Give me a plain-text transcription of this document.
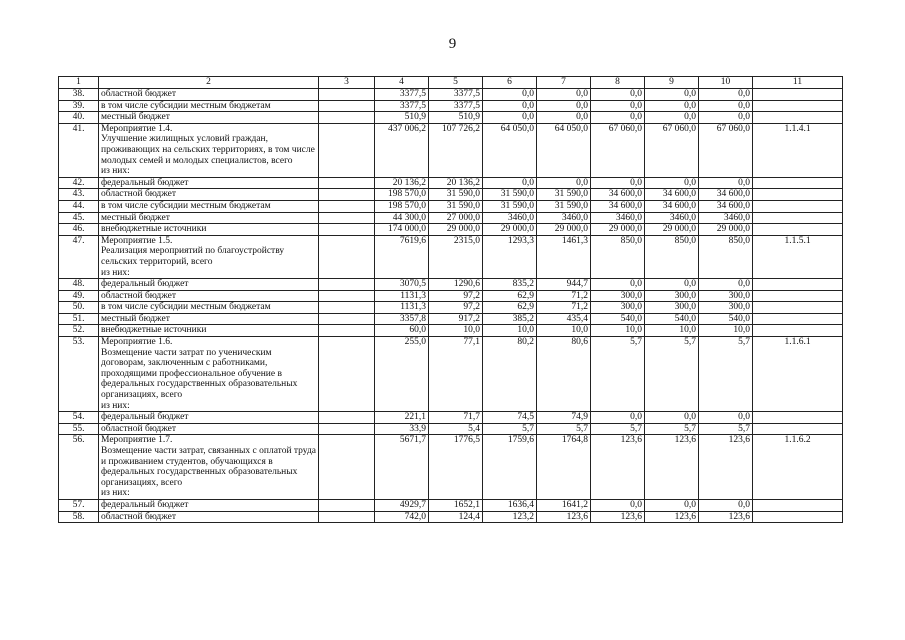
9
1	2	3	4	5	6	7	8	9	10	11
38.	областной бюджет		3377,5	3377,5	0,0	0,0	0,0	0,0	0,0	
39.	в том числе субсидии местным бюджетам		3377,5	3377,5	0,0	0,0	0,0	0,0	0,0	
40.	местный бюджет		510,9	510,9	0,0	0,0	0,0	0,0	0,0	
41.	Мероприятие 1.4.
Улучшение жилищных условий граждан, проживающих на сельских территориях, в том числе молодых семей и молодых специалистов, всего
из них:		437 006,2	107 726,2	64 050,0	64 050,0	67 060,0	67 060,0	67 060,0	1.1.4.1
42.	федеральный бюджет		20 136,2	20 136,2	0,0	0,0	0,0	0,0	0,0	
43.	областной бюджет		198 570,0	31 590,0	31 590,0	31 590,0	34 600,0	34 600,0	34 600,0	
44.	в том числе субсидии местным бюджетам		198 570,0	31 590,0	31 590,0	31 590,0	34 600,0	34 600,0	34 600,0	
45.	местный бюджет		44 300,0	27 000,0	3460,0	3460,0	3460,0	3460,0	3460,0	
46.	внебюджетные источники		174 000,0	29 000,0	29 000,0	29 000,0	29 000,0	29 000,0	29 000,0	
47.	Мероприятие 1.5.
Реализация мероприятий по благоустройству сельских территорий, всего
из них:		7619,6	2315,0	1293,3	1461,3	850,0	850,0	850,0	1.1.5.1
48.	федеральный бюджет		3070,5	1290,6	835,2	944,7	0,0	0,0	0,0	
49.	областной бюджет		1131,3	97,2	62,9	71,2	300,0	300,0	300,0	
50.	в том числе субсидии местным бюджетам		1131,3	97,2	62,9	71,2	300,0	300,0	300,0	
51.	местный бюджет		3357,8	917,2	385,2	435,4	540,0	540,0	540,0	
52.	внебюджетные источники		60,0	10,0	10,0	10,0	10,0	10,0	10,0	
53.	Мероприятие 1.6.
Возмещение части затрат по ученическим договорам, заключенным с работниками, проходящими профессиональное обучение в федеральных государственных образовательных организациях, всего
из них:		255,0	77,1	80,2	80,6	5,7	5,7	5,7	1.1.6.1
54.	федеральный бюджет		221,1	71,7	74,5	74,9	0,0	0,0	0,0	
55.	областной бюджет		33,9	5,4	5,7	5,7	5,7	5,7	5,7	
56.	Мероприятие 1.7.
Возмещение части затрат, связанных с оплатой труда и проживанием студентов, обучающихся в федеральных государственных образовательных организациях, всего
из них:		5671,7	1776,5	1759,6	1764,8	123,6	123,6	123,6	1.1.6.2
57.	федеральный бюджет		4929,7	1652,1	1636,4	1641,2	0,0	0,0	0,0	
58.	областной бюджет		742,0	124,4	123,2	123,6	123,6	123,6	123,6	
